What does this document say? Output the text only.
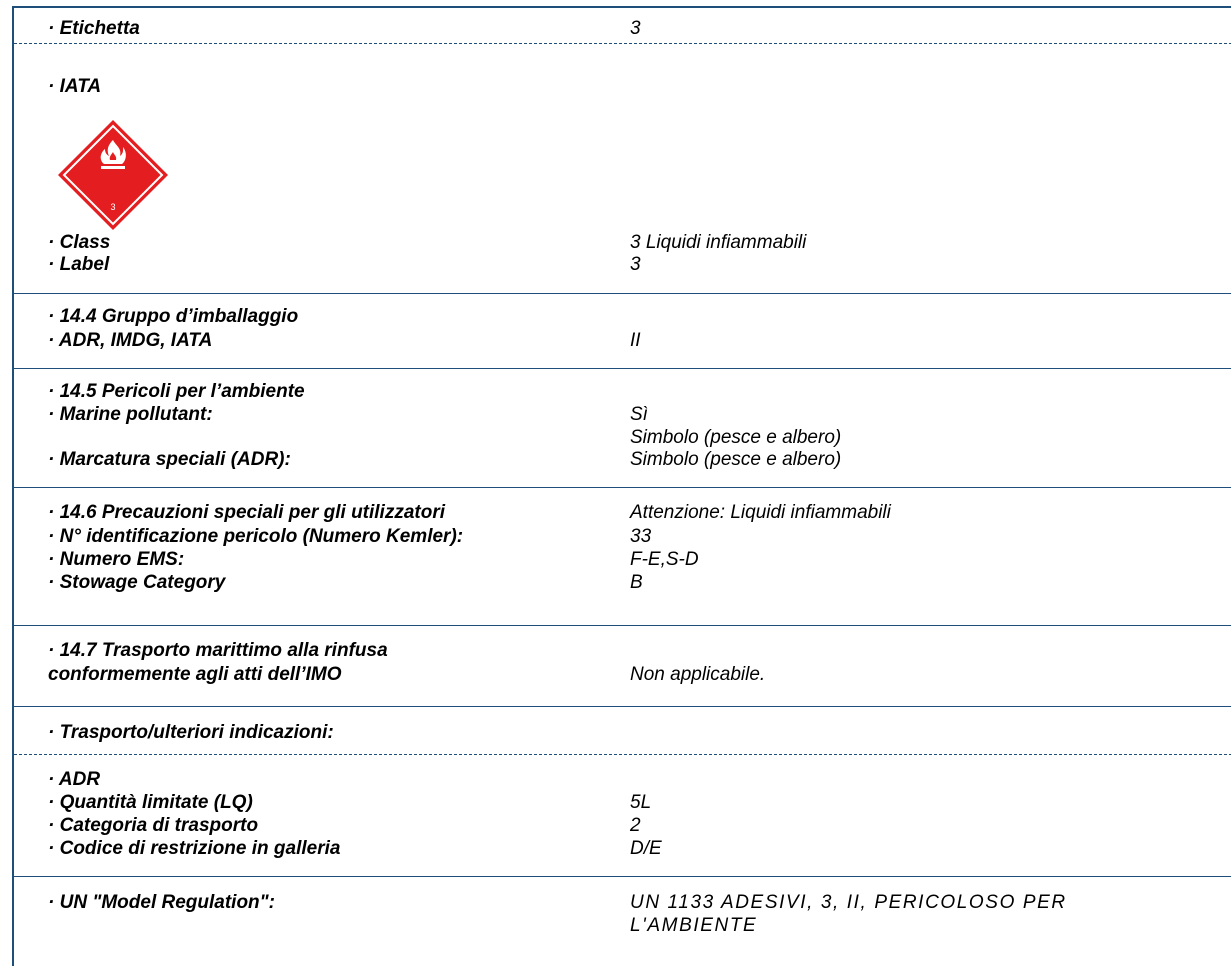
· Etichetta	3
· IATA
3
· Class	3 Liquidi infiammabili
· Label	3
· 14.4 Gruppo d’imballaggio
· ADR, IMDG, IATA	II
· 14.5 Pericoli per l’ambiente
· Marine pollutant:	Sì
Simbolo (pesce e albero)
· Marcatura speciali (ADR):	Simbolo (pesce e albero)
· 14.6 Precauzioni speciali per gli utilizzatori	Attenzione: Liquidi infiammabili
· N° identificazione pericolo (Numero Kemler):	33
· Numero EMS:	F-E,S-D
· Stowage Category	B
· 14.7 Trasporto marittimo alla rinfusa
conformemente agli atti dell’IMO	Non applicabile.
· Trasporto/ulteriori indicazioni:
· ADR
· Quantità limitate (LQ)	5L
· Categoria di trasporto	2
· Codice di restrizione in galleria	D/E
· UN "Model Regulation":	UN 1133 ADESIVI, 3, II, PERICOLOSO PER
L'AMBIENTE
